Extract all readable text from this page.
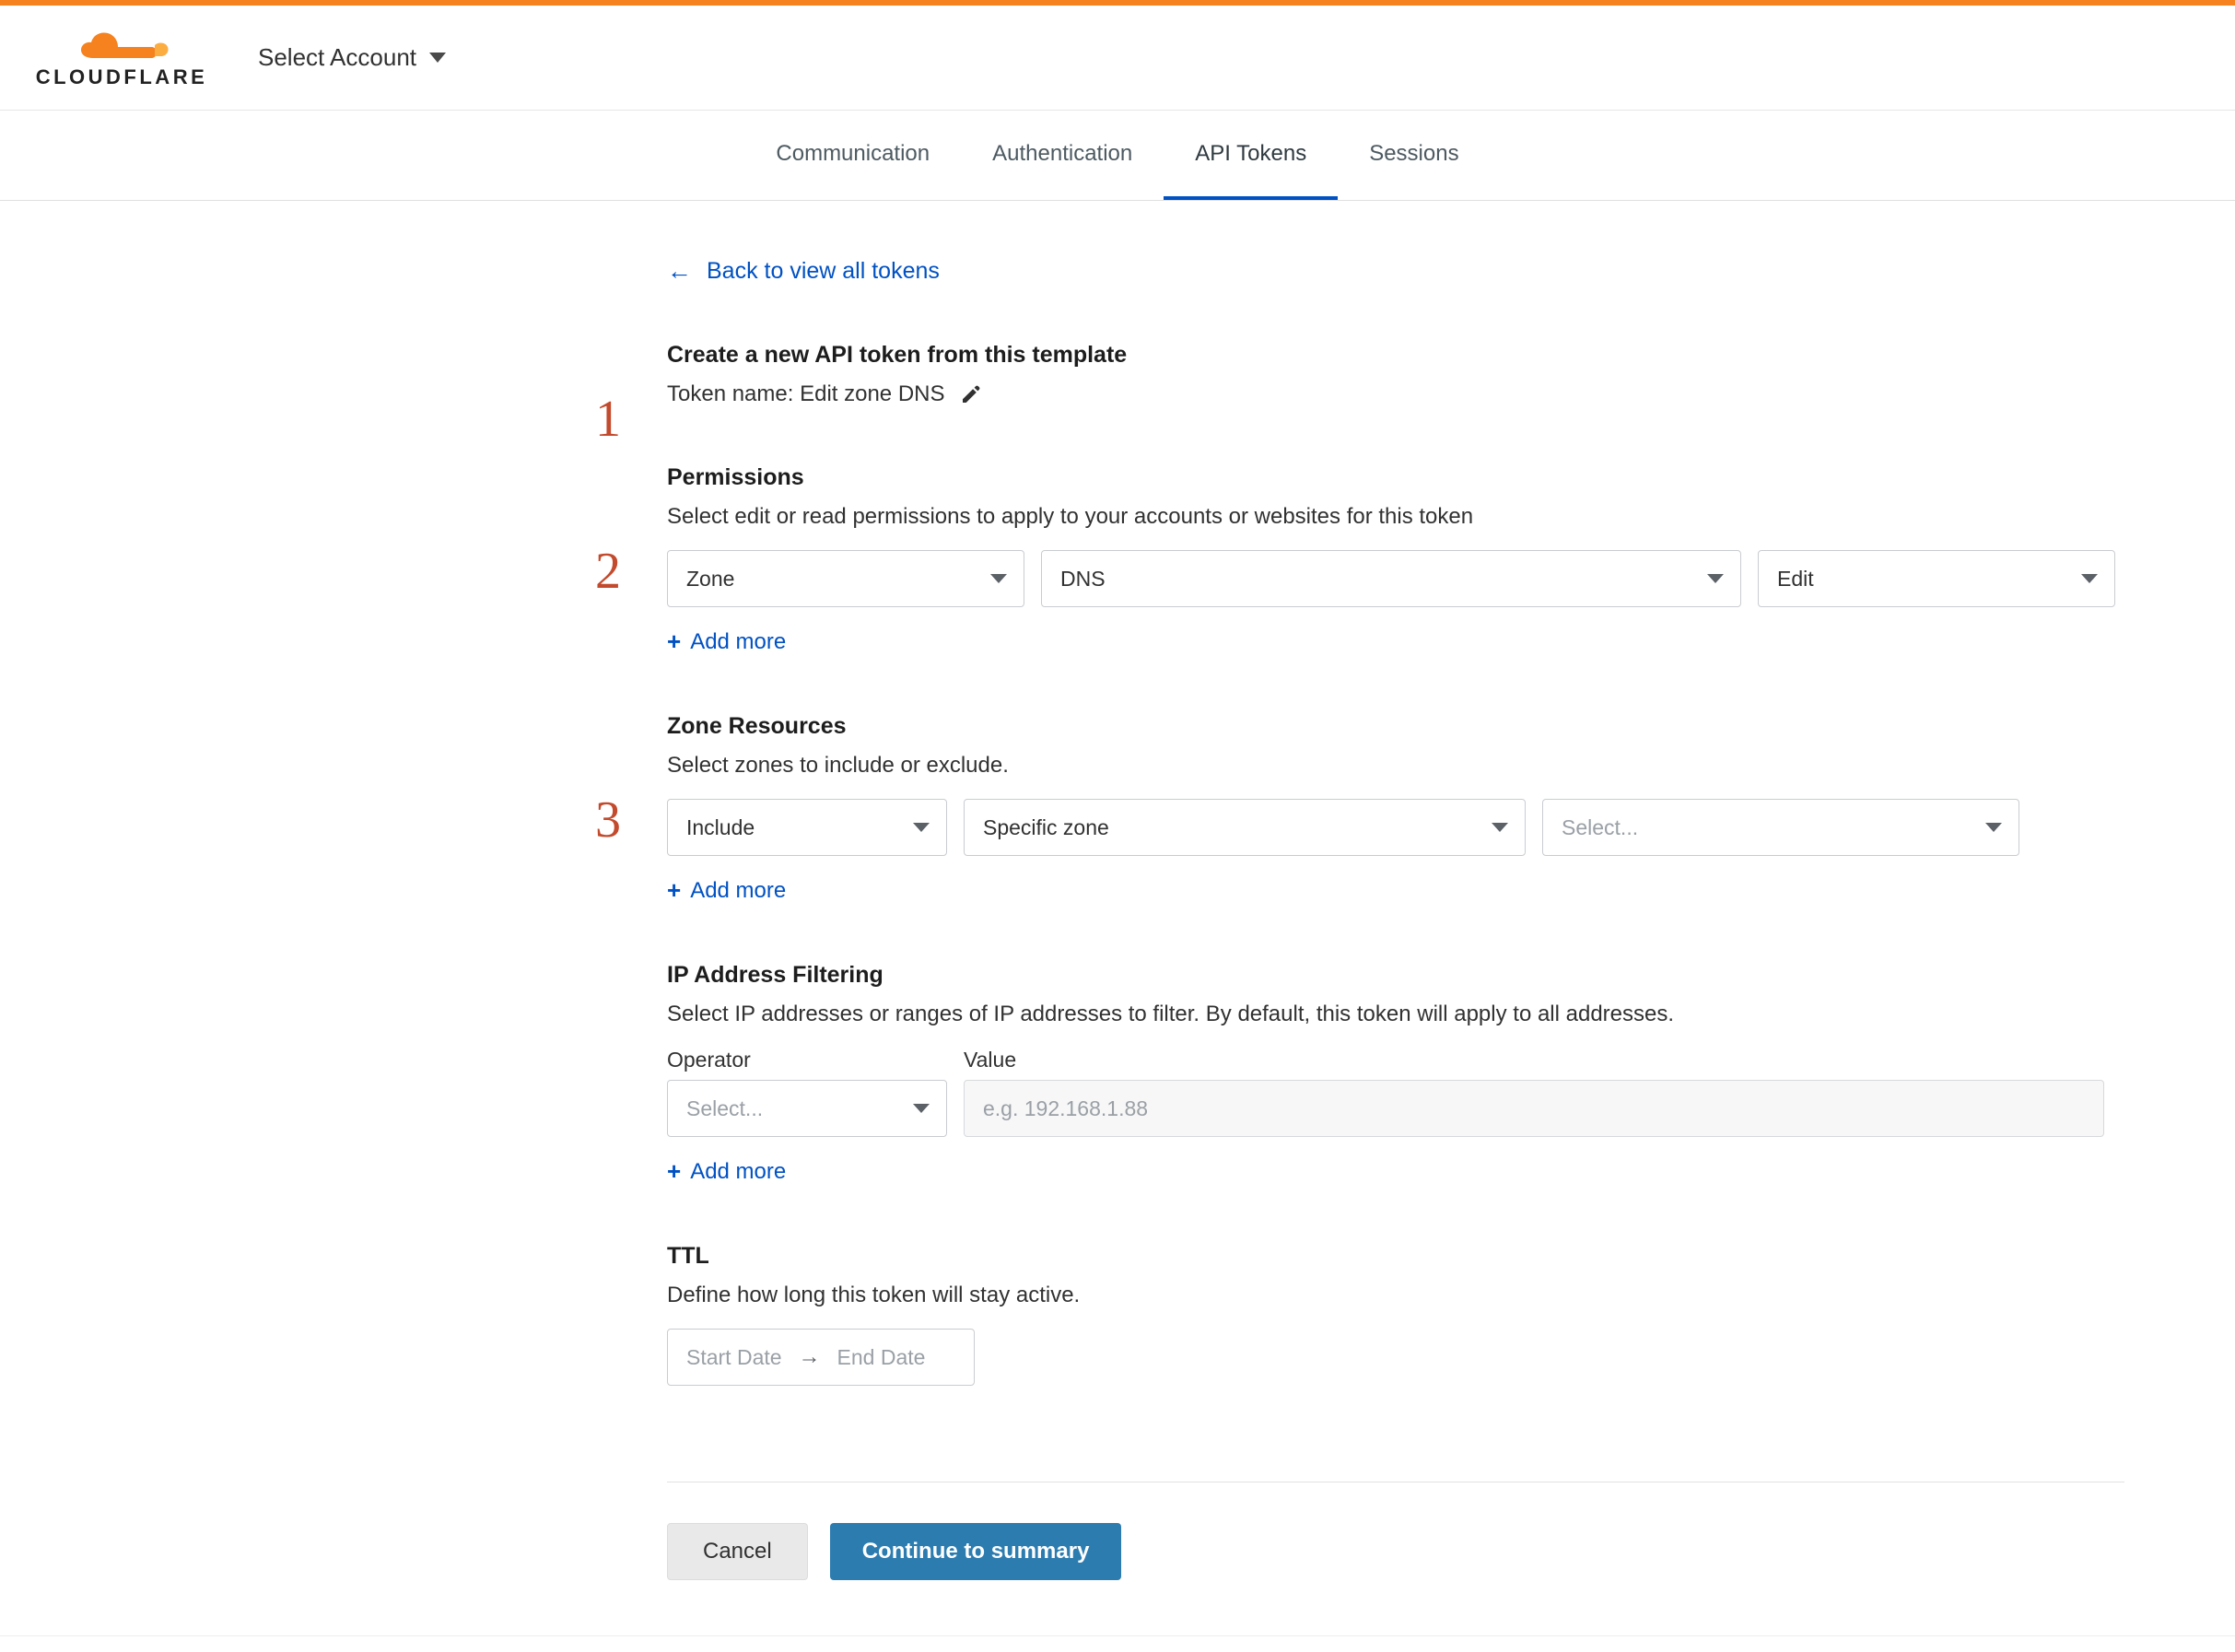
CLOUDFLARE
Select Account
Communication	Authentication	API Tokens	Sessions
← Back to view all tokens
1
Create a new API token from this template
Token name: Edit zone DNS
2
Permissions
Select edit or read permissions to apply to your accounts or websites for this token
Zone	DNS	Edit
+ Add more
3
Zone Resources
Select zones to include or exclude.
Include	Specific zone	Select...
+ Add more
IP Address Filtering
Select IP addresses or ranges of IP addresses to filter. By default, this token will apply to all addresses.
Operator
Select...
Value
e.g. 192.168.1.88
+ Add more
TTL
Define how long this token will stay active.
Start Date → End Date
Cancel	Continue to summary
